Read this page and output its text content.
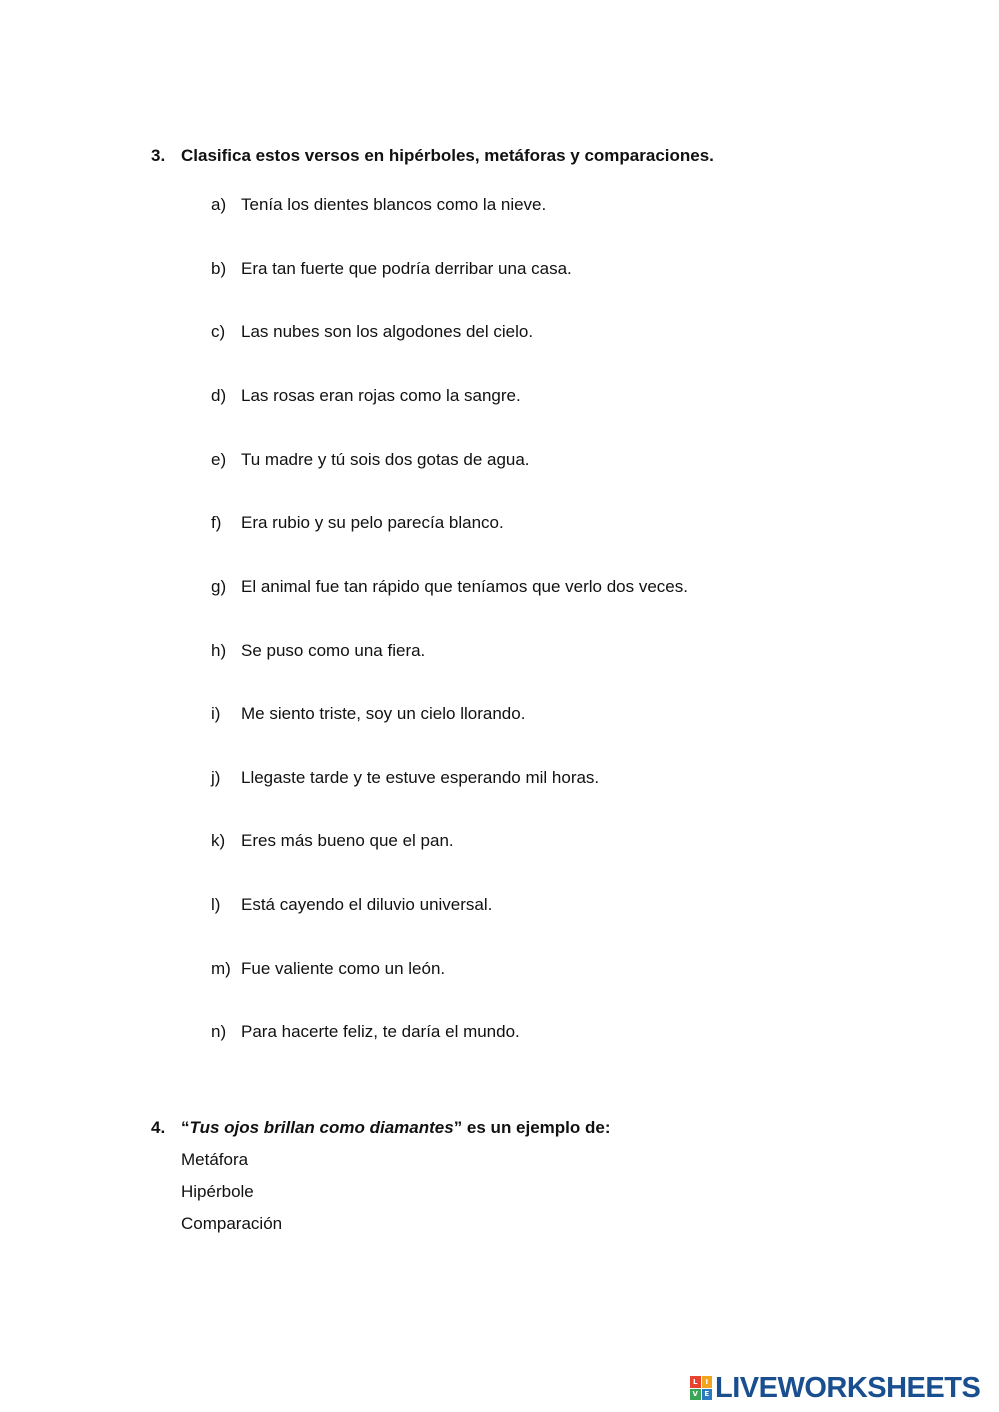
3. Clasifica estos versos en hipérboles, metáforas y comparaciones.
a) Tenía los dientes blancos como la nieve.
b) Era tan fuerte que podría derribar una casa.
c) Las nubes son los algodones del cielo.
d) Las rosas eran rojas como la sangre.
e) Tu madre y tú sois dos gotas de agua.
f) Era rubio y su pelo parecía blanco.
g) El animal fue tan rápido que teníamos que verlo dos veces.
h) Se puso como una fiera.
i) Me siento triste, soy un cielo llorando.
j) Llegaste tarde y te estuve esperando mil horas.
k) Eres más bueno que el pan.
l) Está cayendo el diluvio universal.
m) Fue valiente como un león.
n) Para hacerte feliz, te daría el mundo.
4. “Tus ojos brillan como diamantes” es un ejemplo de:
Metáfora
Hipérbole
Comparación
L	I
V E LIVEWORKSHEETS
